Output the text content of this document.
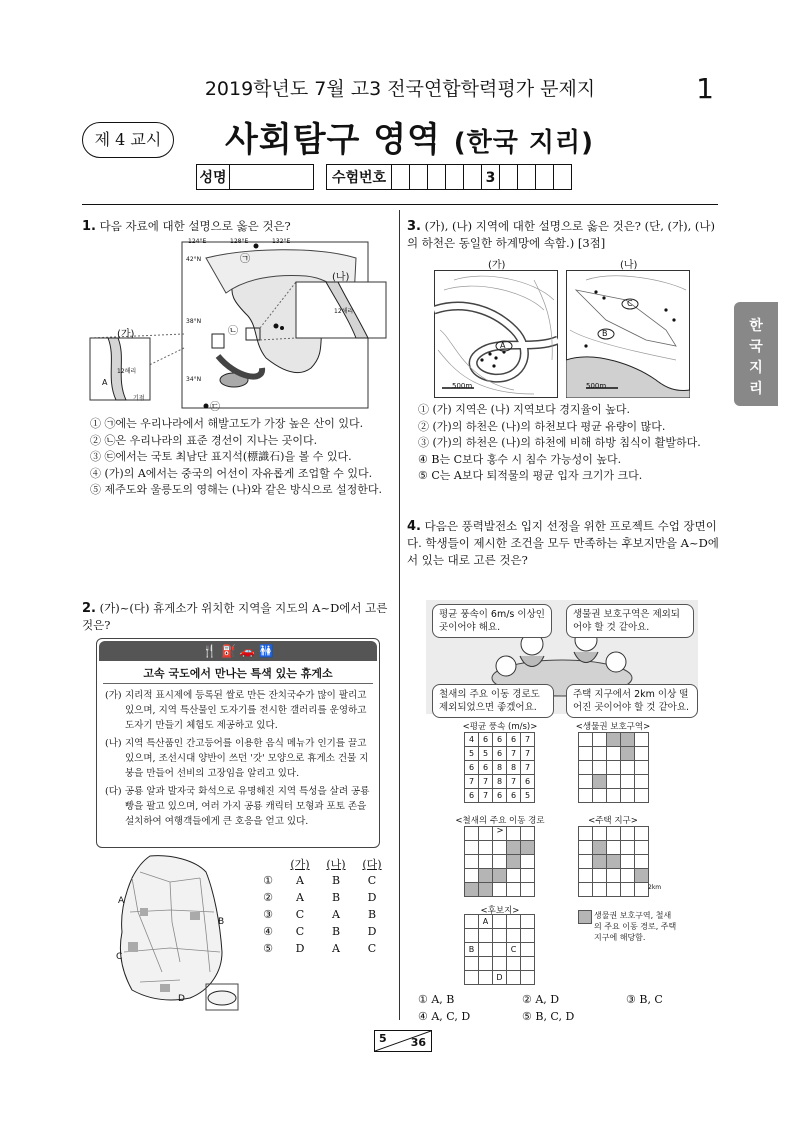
2019학년도 7월 고3 전국연합학력평가 문제지	1
제 4 교시	사회탐구 영역 (한국 지리)
성명	수험번호	3
한국 지리
1. 다음 자료에 대한 설명으로 옳은 것은?
(가)
(나)
124°E	128°E	132°E
42°N
38°N
34°N
㉠
㉡
㉢
A
12해리
12해리
기점
① ㉠에는 우리나라에서 해발고도가 가장 높은 산이 있다.
② ㉡은 우리나라의 표준 경선이 지나는 곳이다.
③ ㉢에서는 국토 최남단 표지석(標識石)을 볼 수 있다.
④ (가)의 A에서는 중국의 어선이 자유롭게 조업할 수 있다.
⑤ 제주도와 울릉도의 영해는 (나)와 같은 방식으로 설정한다.
2. (가)~(다) 휴게소가 위치한 지역을 지도의 A~D에서 고른 것은?
🍴 ⛽ 🚗 🚻
고속 국도에서 만나는 특색 있는 휴게소
(가) 지리적 표시제에 등록된 쌀로 만든 잔치국수가 많이 팔리고 있으며, 지역 특산물인 도자기를 전시한 갤러리를 운영하고 도자기 만들기 체험도 제공하고 있다.
(나) 지역 특산품인 간고등어를 이용한 음식 메뉴가 인기를 끌고 있으며, 조선시대 양반이 쓰던 '갓' 모양으로 휴게소 건물 지붕을 만들어 선비의 고장임을 알리고 있다.
(다) 공룡 알과 발자국 화석으로 유명해진 지역 특성을 살려 공룡빵을 팔고 있으며, 여러 가지 공룡 캐릭터 모형과 포토 존을 설치하여 여행객들에게 큰 호응을 얻고 있다.
A
B
C
D
(가)	(나)	(다)
①	A	B	C
②	A	B	D
③	C	A	B
④	C	B	D
⑤	D	A	C
3. (가), (나) 지역에 대한 설명으로 옳은 것은? (단, (가), (나)의 하천은 동일한 하계망에 속함.) [3점]
(가)	(나)
A
B
C
500m	500m
① (가) 지역은 (나) 지역보다 경지율이 높다.
② (가)의 하천은 (나)의 하천보다 평균 유량이 많다.
③ (가)의 하천은 (나)의 하천에 비해 하방 침식이 활발하다.
④ B는 C보다 홍수 시 침수 가능성이 높다.
⑤ C는 A보다 퇴적물의 평균 입자 크기가 크다.
4. 다음은 풍력발전소 입지 선정을 위한 프로젝트 수업 장면이다. 학생들이 제시한 조건을 모두 만족하는 후보지만을 A~D에서 있는 대로 고른 것은?
평균 풍속이 6m/s 이상인 곳이어야 해요.
생물권 보호구역은 제외되어야 할 것 같아요.
철새의 주요 이동 경로도 제외되었으면 좋겠어요.
주택 지구에서 2km 이상 떨어진 곳이어야 할 것 같아요.
<평균 풍속 (m/s)>
4	6	6	6	7
5	5	6	7	7
6	6	8	8	7
7	7	8	7	6
6	7	6	6	5
<생물권 보호구역>

<철새의 주요 이동 경로>

<주택 지구>

2km
<후보지>
	A			

B			C	

		D		
생물권 보호구역, 철새의 주요 이동 경로, 주택 지구에 해당함.
① A, B	② A, D	③ B, C
④ A, C, D	⑤ B, C, D
5 36
